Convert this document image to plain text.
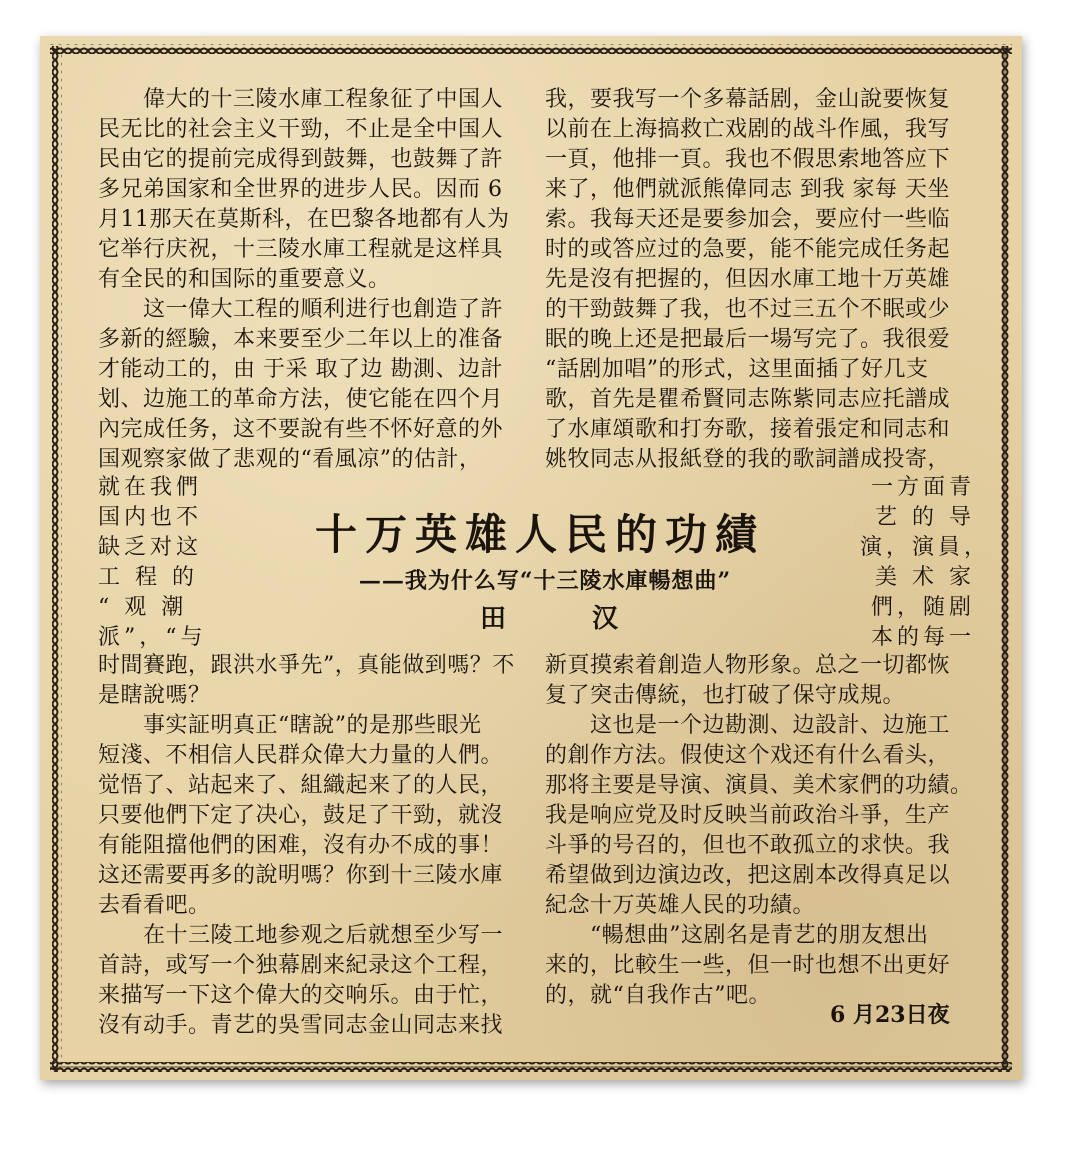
　　偉大的十三陵水庫工程象征了中国人
民无比的社会主义干勁，不止是全中国人
民由它的提前完成得到鼓舞，也鼓舞了許
多兄弟国家和全世界的进步人民。因而 6
月11那天在莫斯科，在巴黎各地都有人为
它举行庆祝，十三陵水庫工程就是这样具
有全民的和国际的重要意义。
　　这一偉大工程的順利进行也創造了許
多新的經驗，本来要至少二年以上的准备
才能动工的，由 于采 取了边 勘測、边計
划、边施工的革命方法，使它能在四个月
內完成任务，这不要說有些不怀好意的外
国观察家做了悲观的“看風凉”的估計，
就在我們
国内也不
缺乏对这
工 程 的
“ 观 潮
派”，“与
时間賽跑，跟洪水爭先”，真能做到嗎？不
是瞎說嗎？
　　事实証明真正“瞎說”的是那些眼光
短淺、不相信人民群众偉大力量的人們。
觉悟了、站起来了、組織起来了的人民，
只要他們下定了决心，鼓足了干勁，就沒
有能阻擋他們的困难，沒有办不成的事！
这还需要再多的說明嗎？你到十三陵水庫
去看看吧。
　　在十三陵工地参观之后就想至少写一
首詩，或写一个独幕剧来紀录这个工程，
来描写一下这个偉大的交响乐。由于忙，
沒有动手。青艺的吳雪同志金山同志来找
我，要我写一个多幕話剧，金山說要恢复
以前在上海搞救亡戏剧的战斗作風，我写
一頁，他排一頁。我也不假思索地答应下
来了，他們就派熊偉同志 到我 家每 天坐
索。我每天还是要参加会，要应付一些临
时的或答应过的急要，能不能完成任务起
先是沒有把握的，但因水庫工地十万英雄
的干勁鼓舞了我，也不过三五个不眠或少
眠的晚上还是把最后一場写完了。我很爱
“話剧加唱”的形式，这里面插了好几支
歌，首先是瞿希賢同志陈紫同志应托譜成
了水庫頌歌和打夯歌，接着張定和同志和
姚牧同志从报紙登的我的歌詞譜成投寄，
一方面青
艺 的 导
演，演員，
美 术 家
們，随剧
本的每一
新頁摸索着創造人物形象。总之一切都恢
复了突击傳統，也打破了保守成規。
　　这也是一个边勘測、边設計、边施工
的創作方法。假使这个戏还有什么看头，
那将主要是导演、演員、美术家們的功績。
我是响应党及时反映当前政治斗爭，生产
斗爭的号召的，但也不敢孤立的求快。我
希望做到边演边改，把这剧本改得真足以
紀念十万英雄人民的功績。
　　“暢想曲”这剧名是青艺的朋友想出
来的，比較生一些，但一时也想不出更好
的，就“自我作古”吧。
十万英雄人民的功績
——我为什么写“十三陵水庫暢想曲”
田　汉
6 月23日夜
